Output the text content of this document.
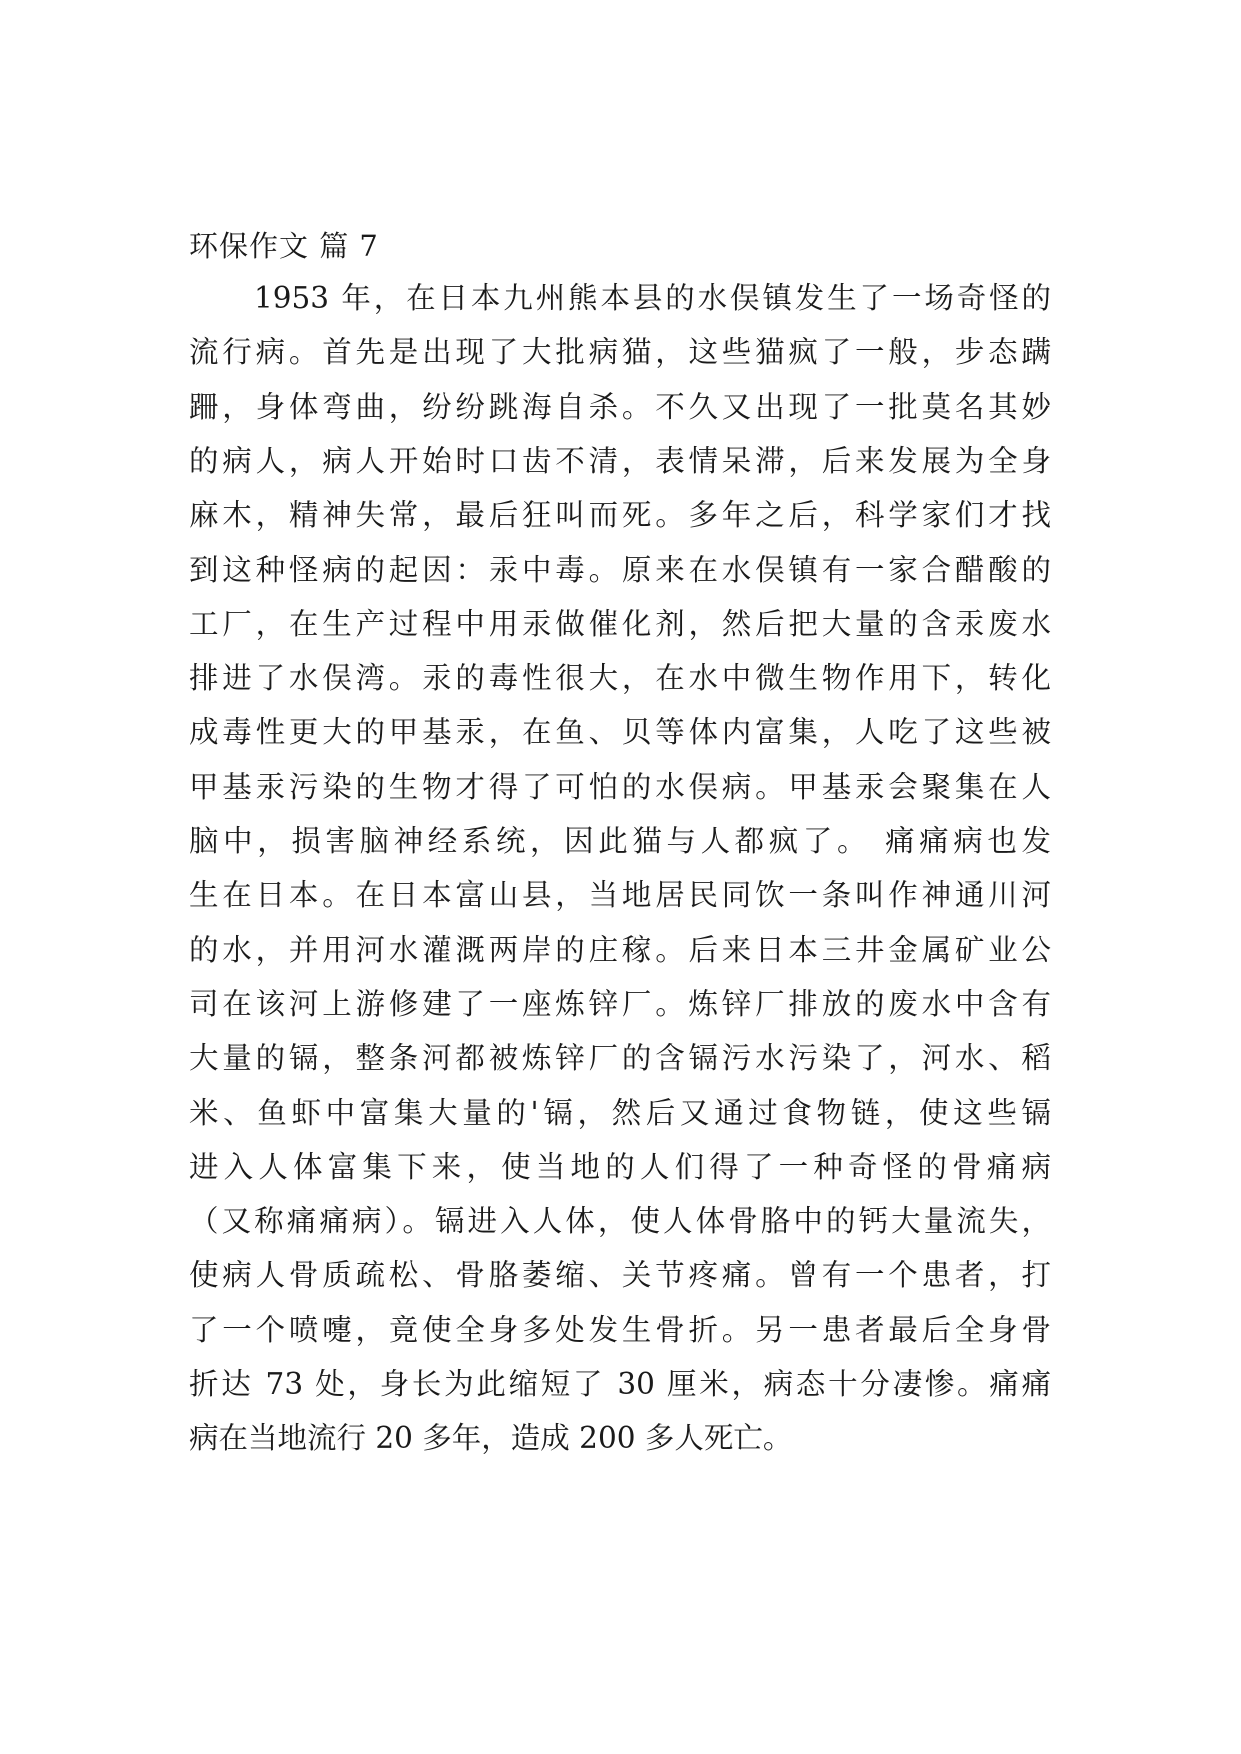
环保作文 篇 7
1953 年，在日本九州熊本县的水俣镇发生了一场奇怪的
流行病。首先是出现了大批病猫，这些猫疯了一般，步态蹒
跚，身体弯曲，纷纷跳海自杀。不久又出现了一批莫名其妙
的病人，病人开始时口齿不清，表情呆滞，后来发展为全身
麻木，精神失常，最后狂叫而死。多年之后，科学家们才找
到这种怪病的起因：汞中毒。原来在水俣镇有一家合醋酸的
工厂，在生产过程中用汞做催化剂，然后把大量的含汞废水
排进了水俣湾。汞的毒性很大，在水中微生物作用下，转化
成毒性更大的甲基汞，在鱼、贝等体内富集，人吃了这些被
甲基汞污染的生物才得了可怕的水俣病。甲基汞会聚集在人
脑中，损害脑神经系统，因此猫与人都疯了。 痛痛病也发
生在日本。在日本富山县，当地居民同饮一条叫作神通川河
的水，并用河水灌溉两岸的庄稼。后来日本三井金属矿业公
司在该河上游修建了一座炼锌厂。炼锌厂排放的废水中含有
大量的镉，整条河都被炼锌厂的含镉污水污染了，河水、稻
米、鱼虾中富集大量的'镉，然后又通过食物链，使这些镉
进入人体富集下来，使当地的人们得了一种奇怪的骨痛病
（又称痛痛病）。镉进入人体，使人体骨胳中的钙大量流失，
使病人骨质疏松、骨胳萎缩、关节疼痛。曾有一个患者，打
了一个喷嚏，竟使全身多处发生骨折。另一患者最后全身骨
折达 73 处，身长为此缩短了 30 厘米，病态十分凄惨。痛痛
病在当地流行 20 多年，造成 200 多人死亡。
